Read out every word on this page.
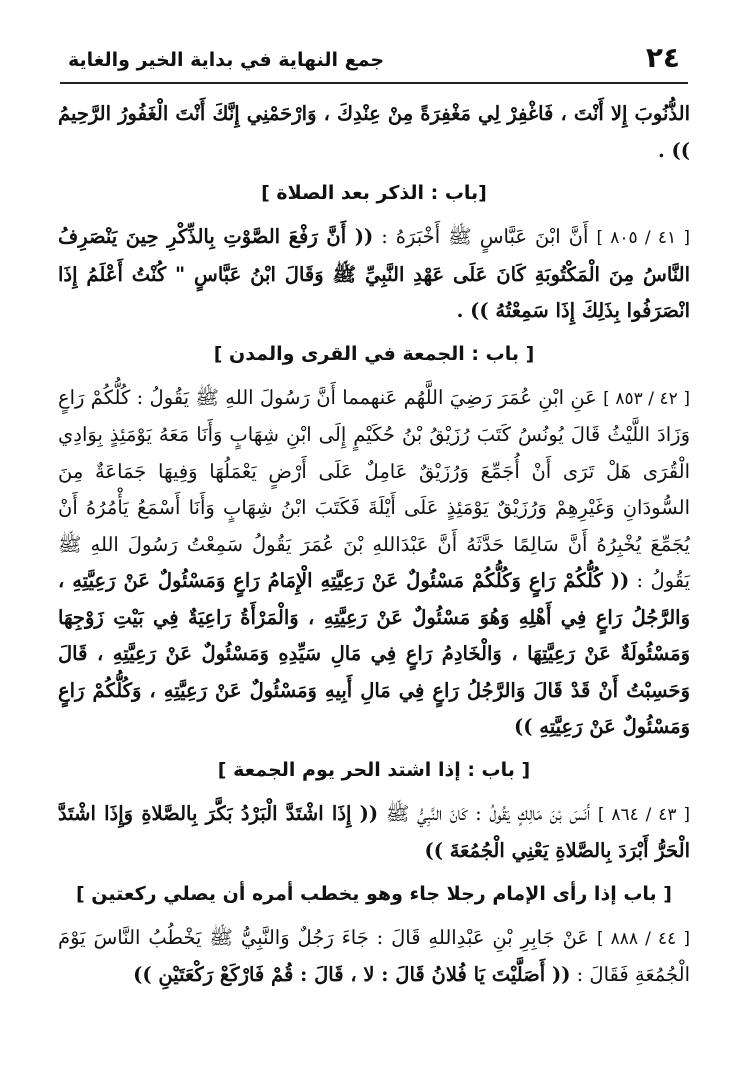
٢٤
جمع النهاية في بداية الخير والغاية

الذُّنُوبَ إِلا أَنْتَ ، فَاغْفِرْ لِي مَغْفِرَةً مِنْ عِنْدِكَ ، وَارْحَمْنِي إِنَّكَ أَنْتَ الْغَفُورُ الرَّحِيمُ )) .

[باب : الذكر بعد الصلاة ]

[ ٤١ / ٨٠٥ ] أَنَّ ابْنَ عَبَّاسٍ ﷺ أَخْبَرَهُ : (( أَنَّ رَفْعَ الصَّوْتِ بِالذِّكْرِ حِينَ يَنْصَرِفُ النَّاسُ مِنَ الْمَكْتُوبَةِ كَانَ عَلَى عَهْدِ النَّبِيِّ ﷺ وَقَالَ ابْنُ عَبَّاسٍ " كُنْتُ أَعْلَمُ إِذَا انْصَرَفُوا بِذَلِكَ إِذَا سَمِعْتُهُ )) .

[ باب : الجمعة في القرى والمدن ]

[ ٤٢ / ٨٥٣ ] عَنِ ابْنِ عُمَرَ رَضِيَ اللَّهُم عَنهمما أَنَّ رَسُولَ اللهِ ﷺ يَقُولُ : كُلُّكُمْ رَاعٍ وَزَادَ اللَّيْثُ قَالَ يُونُسُ كَتَبَ رُزَيْقُ بْنُ حُكَيْمٍ إِلَى ابْنِ شِهَابٍ وَأَنَا مَعَهُ يَوْمَئِذٍ بِوَادِي الْقُرَى هَلْ تَرَى أَنْ أُجَمِّعَ وَرُزَيْقٌ عَامِلٌ عَلَى أَرْضٍ يَعْمَلُهَا وَفِيهَا جَمَاعَةٌ مِنَ السُّودَانِ وَغَيْرِهِمْ وَرُزَيْقٌ يَوْمَئِذٍ عَلَى أَيْلَةَ فَكَتَبَ ابْنُ شِهَابٍ وَأَنَا أَسْمَعُ يَأْمُرُهُ أَنْ يُجَمِّعَ يُخْبِرُهُ أَنَّ سَالِمًا حَدَّثَهُ أَنَّ عَبْدَاللهِ بْنَ عُمَرَ يَقُولُ سَمِعْتُ رَسُولَ اللهِ ﷺ يَقُولُ : (( كُلُّكُمْ رَاعٍ وَكُلُّكُمْ مَسْئُولٌ عَنْ رَعِيَّتِهِ الْإِمَامُ رَاعٍ وَمَسْئُولٌ عَنْ رَعِيَّتِهِ ، وَالرَّجُلُ رَاعٍ فِي أَهْلِهِ وَهُوَ مَسْئُولٌ عَنْ رَعِيَّتِهِ ، وَالْمَرْأَةُ رَاعِيَةٌ فِي بَيْتِ زَوْجِهَا وَمَسْئُولَةٌ عَنْ رَعِيَّتِهَا ، وَالْخَادِمُ رَاعٍ فِي مَالِ سَيِّدِهِ وَمَسْئُولٌ عَنْ رَعِيَّتِهِ ، قَالَ وَحَسِبْتُ أَنْ قَدْ قَالَ وَالرَّجُلُ رَاعٍ فِي مَالِ أَبِيهِ وَمَسْئُولٌ عَنْ رَعِيَّتِهِ ، وَكُلُّكُمْ رَاعٍ وَمَسْئُولٌ عَنْ رَعِيَّتِهِ ))

[ باب : إذا اشتد الحر يوم الجمعة ]

[ ٤٣ / ٨٦٤ ] أَنَسَ بْنَ مَالِكٍ يَقُولُ : كَانَ النَّبِيُّ ﷺ (( إِذَا اشْتَدَّ الْبَرْدُ بَكَّرَ بِالصَّلاةِ وَإِذَا اشْتَدَّ الْحَرُّ أَبْرَدَ بِالصَّلاةِ يَعْنِي الْجُمُعَةَ ))

[ باب إذا رأى الإمام رجلا جاء وهو يخطب أمره أن يصلي ركعتين ]

[ ٤٤ / ٨٨٨ ] عَنْ جَابِرِ بْنِ عَبْدِاللهِ قَالَ : جَاءَ رَجُلٌ وَالنَّبِيُّ ﷺ يَخْطُبُ النَّاسَ يَوْمَ الْجُمُعَةِ فَقَالَ : (( أَصَلَّيْتَ يَا فُلانُ قَالَ : لا ، قَالَ : قُمْ فَارْكَعْ رَكْعَتَيْنِ ))
